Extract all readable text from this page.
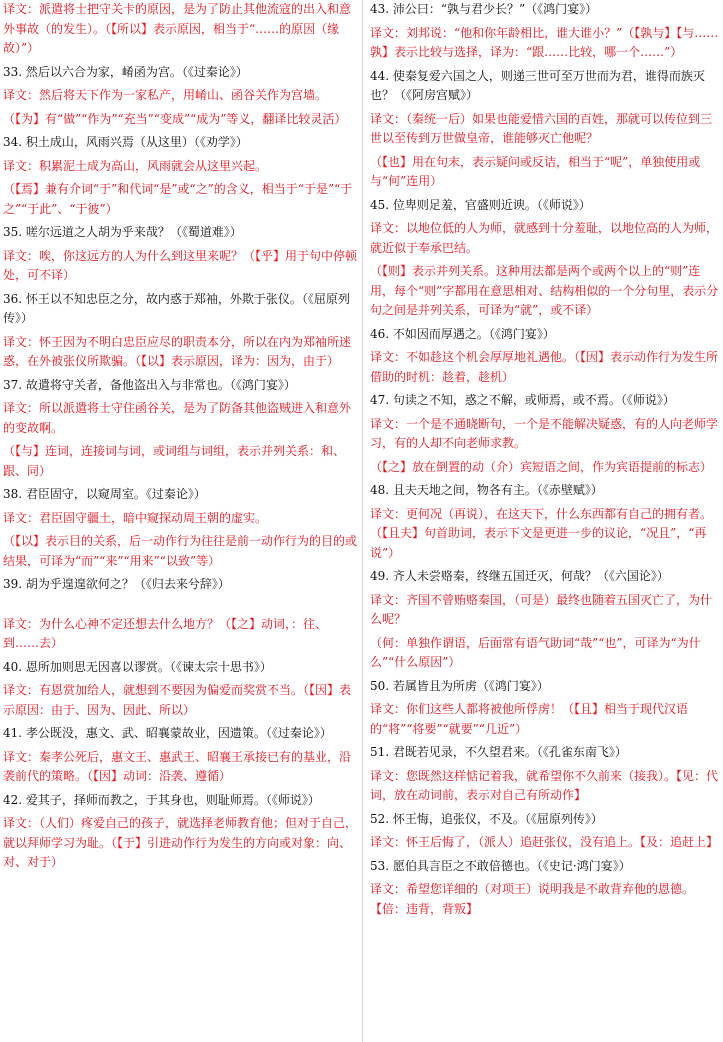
译文：派遣将士把守关卡的原因，是为了防止其他流寇的出入和意外事故（的发生）。（【所以】表示原因，相当于“……的原因（缘故）”）
33. 然后以六合为家，崤函为宫。（《过秦论》）
译文：然后将天下作为一家私产，用崤山、函谷关作为宫墙。
（【为】有“做”“作为”“充当”“变成”“成为”等义，翻译比较灵活）
34. 积土成山，风雨兴焉（从这里）（《劝学》）
译文：积累泥土成为高山，风雨就会从这里兴起。
（【焉】兼有介词“于”和代词“是”或“之”的含义，相当于“于是”“于之”“于此”、“于彼”）
35. 嗟尔远道之人胡为乎来哉？（《蜀道难》）
译文：唉，你这远方的人为什么到这里来呢？（【乎】用于句中停顿处，可不译）
36. 怀王以不知忠臣之分，故内惑于郑袖，外欺于张仪。（《屈原列传》）
译文：怀王因为不明白忠臣应尽的职责本分，所以在内为郑袖所迷惑，在外被张仪所欺骗。（【以】表示原因，译为：因为，由于）
37. 故遣将守关者，备他盗出入与非常也。（《鸿门宴》）
译文：所以派遣将士守住函谷关，是为了防备其他盗贼进入和意外的变故啊。
（【与】连词，连接词与词，或词组与词组，表示并列关系：和、跟、同）
38. 君臣固守，以窥周室。《过秦论》）
译文：君臣固守疆土，暗中窥探动周王朝的虚实。
（【以】表示目的关系，后一动作行为往往是前一动作行为的目的或结果，可译为“而”“来”“用来”“以致”等）
39. 胡为乎遑遑欲何之？（《归去来兮辞》）
译文：为什么心神不定还想去什么地方？（【之】动词，：往、到……去）
40. 恩所加则思无因喜以谬赏。（《谏太宗十思书》）
译文：有恩赏加给人，就想到不要因为偏爱而奖赏不当。（【因】表示原因：由于、因为、因此、所以）
41. 孝公既没，惠文、武、昭襄蒙故业，因遗策。（《过秦论》）
译文：秦孝公死后，惠文王、惠武王、昭襄王承接已有的基业，沿袭前代的策略。（【因】动词：沿袭、遵循）
42. 爱其子，择师而教之，于其身也，则耻师焉。（《师说》）
译文：（人们）疼爱自己的孩子，就选择老师教育他；但对于自己，就以拜师学习为耻。（【于】引进动作行为发生的方向或对象：向、对、对于）
43. 沛公曰：“孰与君少长？”（《鸿门宴》）
译文：刘邦说：“他和你年龄相比，谁大谁小？”（【孰与】【与……孰】表示比较与选择，译为：“跟……比较，哪一个……”）
44. 使秦复爱六国之人，则递三世可至万世而为君，谁得而族灭也？（《阿房宫赋》）
译文：（秦统一后）如果也能爱惜六国的百姓，那就可以传位到三世以至传到万世做皇帝，谁能够灭亡他呢？
（【也】用在句末，表示疑问或反诘，相当于“呢”，单独使用或与“何”连用）
45. 位卑则足羞，官盛则近谀。（《师说》）
译文：以地位低的人为师，就感到十分羞耻，以地位高的人为师，就近似于奉承巴结。
（【则】表示并列关系。这种用法都是两个或两个以上的“则”连用，每个“则”字都用在意思相对、结构相似的一个分句里，表示分句之间是并列关系，可译为“就”，或不译）
46. 不如因而厚遇之。（《鸿门宴》）
译文：不如趁这个机会厚厚地礼遇他。（【因】表示动作行为发生所借助的时机：趁着，趁机）
47. 句读之不知，惑之不解，或师焉，或不焉。（《师说》）
译文：一个是不通晓断句，一个是不能解决疑惑，有的人向老师学习，有的人却不向老师求教。
（【之】放在倒置的动（介）宾短语之间，作为宾语提前的标志）
48. 且夫天地之间，物各有主。（《赤壁赋》）
译文：更何况（再说），在这天下，什么东西都有自己的拥有者。（【且夫】句首助词，表示下文是更进一步的议论，“况且”，“再说”）
49. 齐人未尝赂秦，终继五国迁灭，何哉？（《六国论》）
译文：齐国不曾贿赂秦国，（可是）最终也随着五国灭亡了，为什么呢？
（何：单独作谓语，后面常有语气助词“哉”“也”，可译为“为什么”“什么原因”）
50. 若属皆且为所虏（《鸿门宴》）
译文：你们这些人都将被他所俘虏！（【且】相当于现代汉语的“将”“将要”“就要”“几近”）
51. 君既若见录，不久望君来。（《孔雀东南飞》）
译文：您既然这样惦记着我，就希望你不久前来（接我）。【见：代词，放在动词前，表示对自己有所动作】
52. 怀王悔，追张仪，不及。（《屈原列传》）
译文：怀王后悔了，（派人）追赶张仪，没有追上。【及：追赶上】
53. 愿伯具言臣之不敢倍德也。（《史记·鸿门宴》）
译文：希望您详细的（对项王）说明我是不敢背弃他的恩德。【倍：违背，背叛】
